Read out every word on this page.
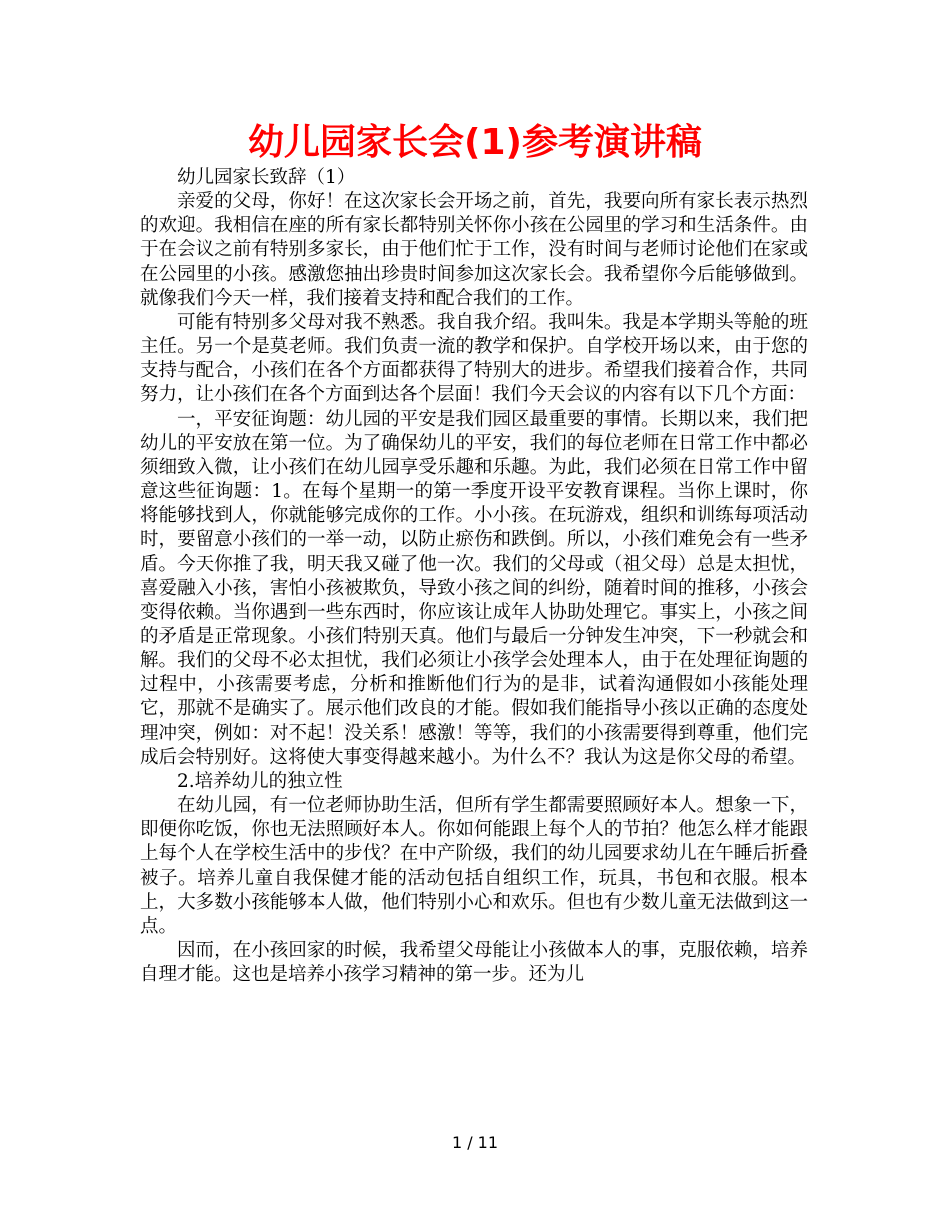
幼儿园家长会(1)参考演讲稿

幼儿园家长致辞（1）

亲爱的父母，你好！在这次家长会开场之前，首先，我要向所有家长表示热烈的欢迎。我相信在座的所有家长都特别关怀你小孩在公园里的学习和生活条件。由于在会议之前有特别多家长，由于他们忙于工作，没有时间与老师讨论他们在家或在公园里的小孩。感激您抽出珍贵时间参加这次家长会。我希望你今后能够做到。就像我们今天一样，我们接着支持和配合我们的工作。

可能有特别多父母对我不熟悉。我自我介绍。我叫朱。我是本学期头等舱的班主任。另一个是莫老师。我们负责一流的教学和保护。自学校开场以来，由于您的支持与配合，小孩们在各个方面都获得了特别大的进步。希望我们接着合作，共同努力，让小孩们在各个方面到达各个层面！我们今天会议的内容有以下几个方面：

一，平安征询题：幼儿园的平安是我们园区最重要的事情。长期以来，我们把幼儿的平安放在第一位。为了确保幼儿的平安，我们的每位老师在日常工作中都必须细致入微，让小孩们在幼儿园享受乐趣和乐趣。为此，我们必须在日常工作中留意这些征询题：1。在每个星期一的第一季度开设平安教育课程。当你上课时，你将能够找到人，你就能够完成你的工作。小小孩。在玩游戏，组织和训练每项活动时，要留意小孩们的一举一动，以防止瘀伤和跌倒。所以，小孩们难免会有一些矛盾。今天你推了我，明天我又碰了他一次。我们的父母或（祖父母）总是太担忧，喜爱融入小孩，害怕小孩被欺负，导致小孩之间的纠纷，随着时间的推移，小孩会变得依赖。当你遇到一些东西时，你应该让成年人协助处理它。事实上，小孩之间的矛盾是正常现象。小孩们特别天真。他们与最后一分钟发生冲突，下一秒就会和解。我们的父母不必太担忧，我们必须让小孩学会处理本人，由于在处理征询题的过程中，小孩需要考虑，分析和推断他们行为的是非，试着沟通假如小孩能处理它，那就不是确实了。展示他们改良的才能。假如我们能指导小孩以正确的态度处理冲突，例如：对不起！没关系！感激！等等，我们的小孩需要得到尊重，他们完成后会特别好。这将使大事变得越来越小。为什么不？我认为这是你父母的希望。

2.培养幼儿的独立性

在幼儿园，有一位老师协助生活，但所有学生都需要照顾好本人。想象一下，即便你吃饭，你也无法照顾好本人。你如何能跟上每个人的节拍？他怎么样才能跟上每个人在学校生活中的步伐？在中产阶级，我们的幼儿园要求幼儿在午睡后折叠被子。培养儿童自我保健才能的活动包括自组织工作，玩具，书包和衣服。根本上，大多数小孩能够本人做，他们特别小心和欢乐。但也有少数儿童无法做到这一点。

因而，在小孩回家的时候，我希望父母能让小孩做本人的事，克服依赖，培养自理才能。这也是培养小孩学习精神的第一步。还为儿

1 / 11
